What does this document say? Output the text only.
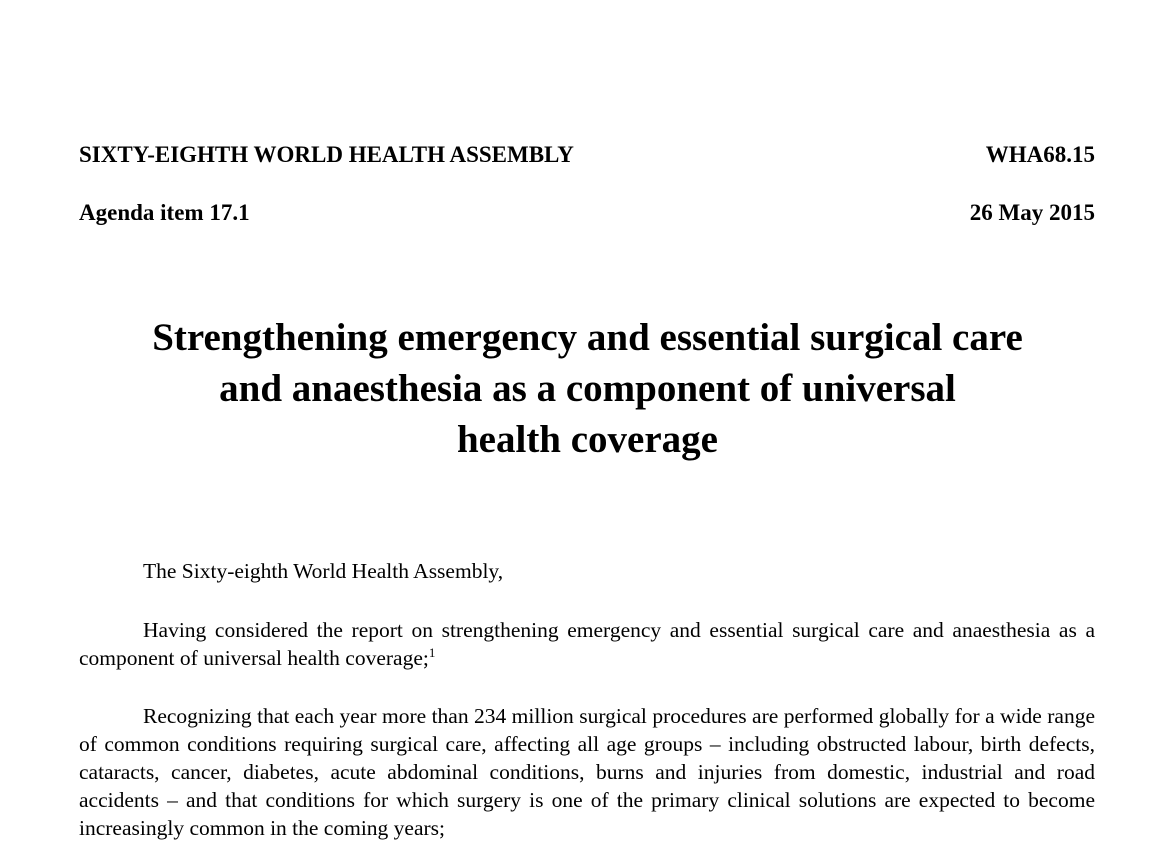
SIXTY-EIGHTH WORLD HEALTH ASSEMBLY	WHA68.15
Agenda item 17.1	26 May 2015
Strengthening emergency and essential surgical care
and anaesthesia as a component of universal
health coverage
The Sixty-eighth World Health Assembly,
Having considered the report on strengthening emergency and essential surgical care and anaesthesia as a component of universal health coverage;$^1$
Recognizing that each year more than 234 million surgical procedures are performed globally for a wide range of common conditions requiring surgical care, affecting all age groups – including obstructed labour, birth defects, cataracts, cancer, diabetes, acute abdominal conditions, burns and injuries from domestic, industrial and road accidents – and that conditions for which surgery is one of the primary clinical solutions are expected to become increasingly common in the coming years;
